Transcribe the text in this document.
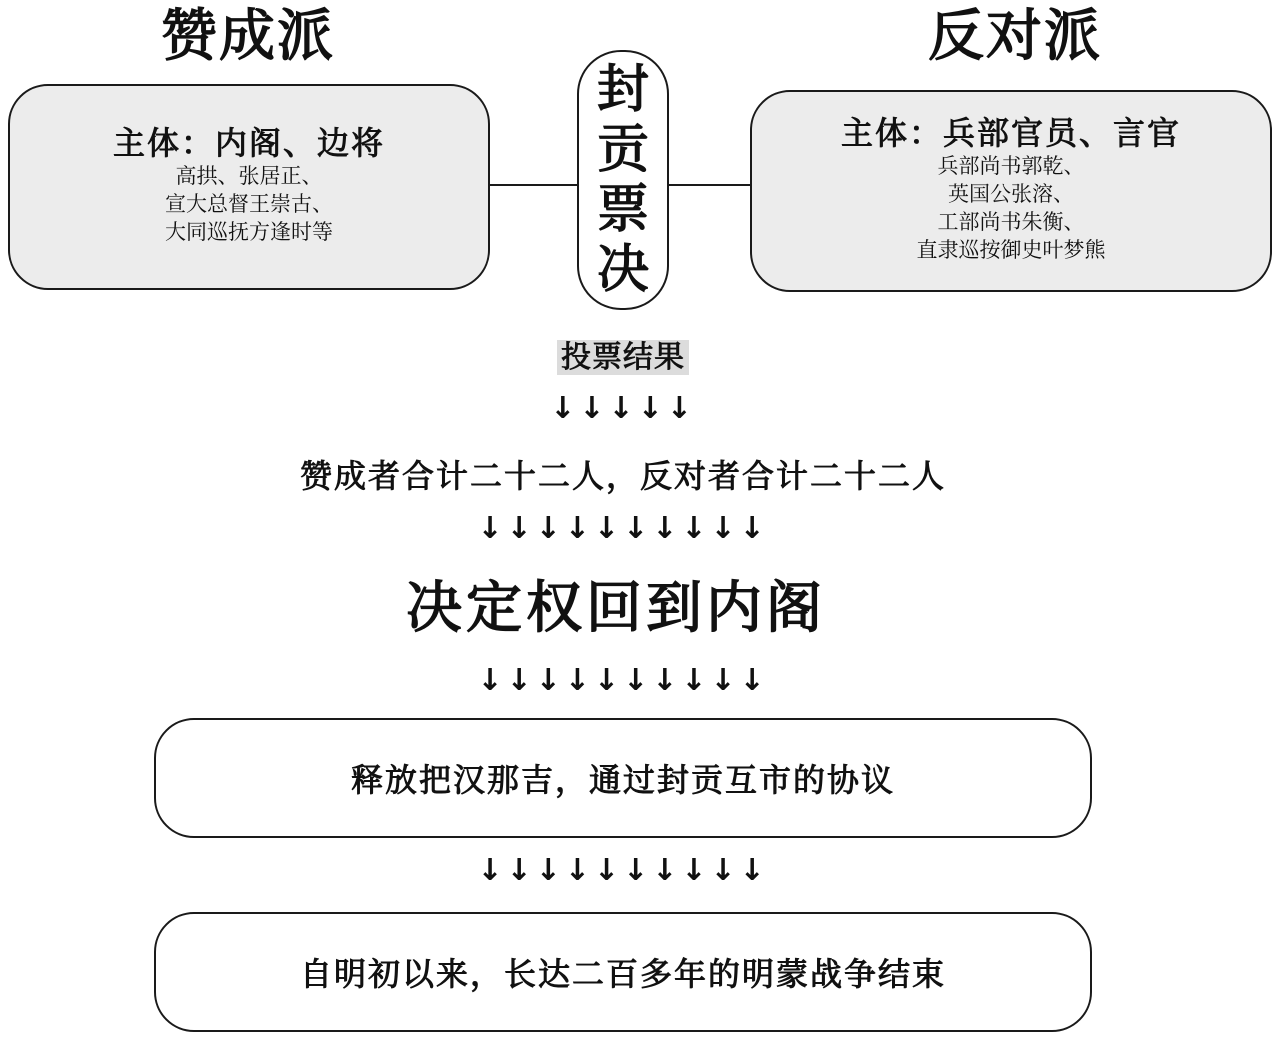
赞成派	反对派
主体：内阁、边将
高拱、张居正、
宣大总督王崇古、
大同巡抚方逢时等
主体：兵部官员、言官
兵部尚书郭乾、
英国公张溶、
工部尚书朱衡、
直隶巡按御史叶梦熊
封
贡
票
决
投票结果
↓↓↓↓↓
赞成者合计二十二人，反对者合计二十二人
↓↓↓↓↓↓↓↓↓↓
决定权回到内阁
↓↓↓↓↓↓↓↓↓↓
释放把汉那吉，通过封贡互市的协议
↓↓↓↓↓↓↓↓↓↓
自明初以来，长达二百多年的明蒙战争结束
